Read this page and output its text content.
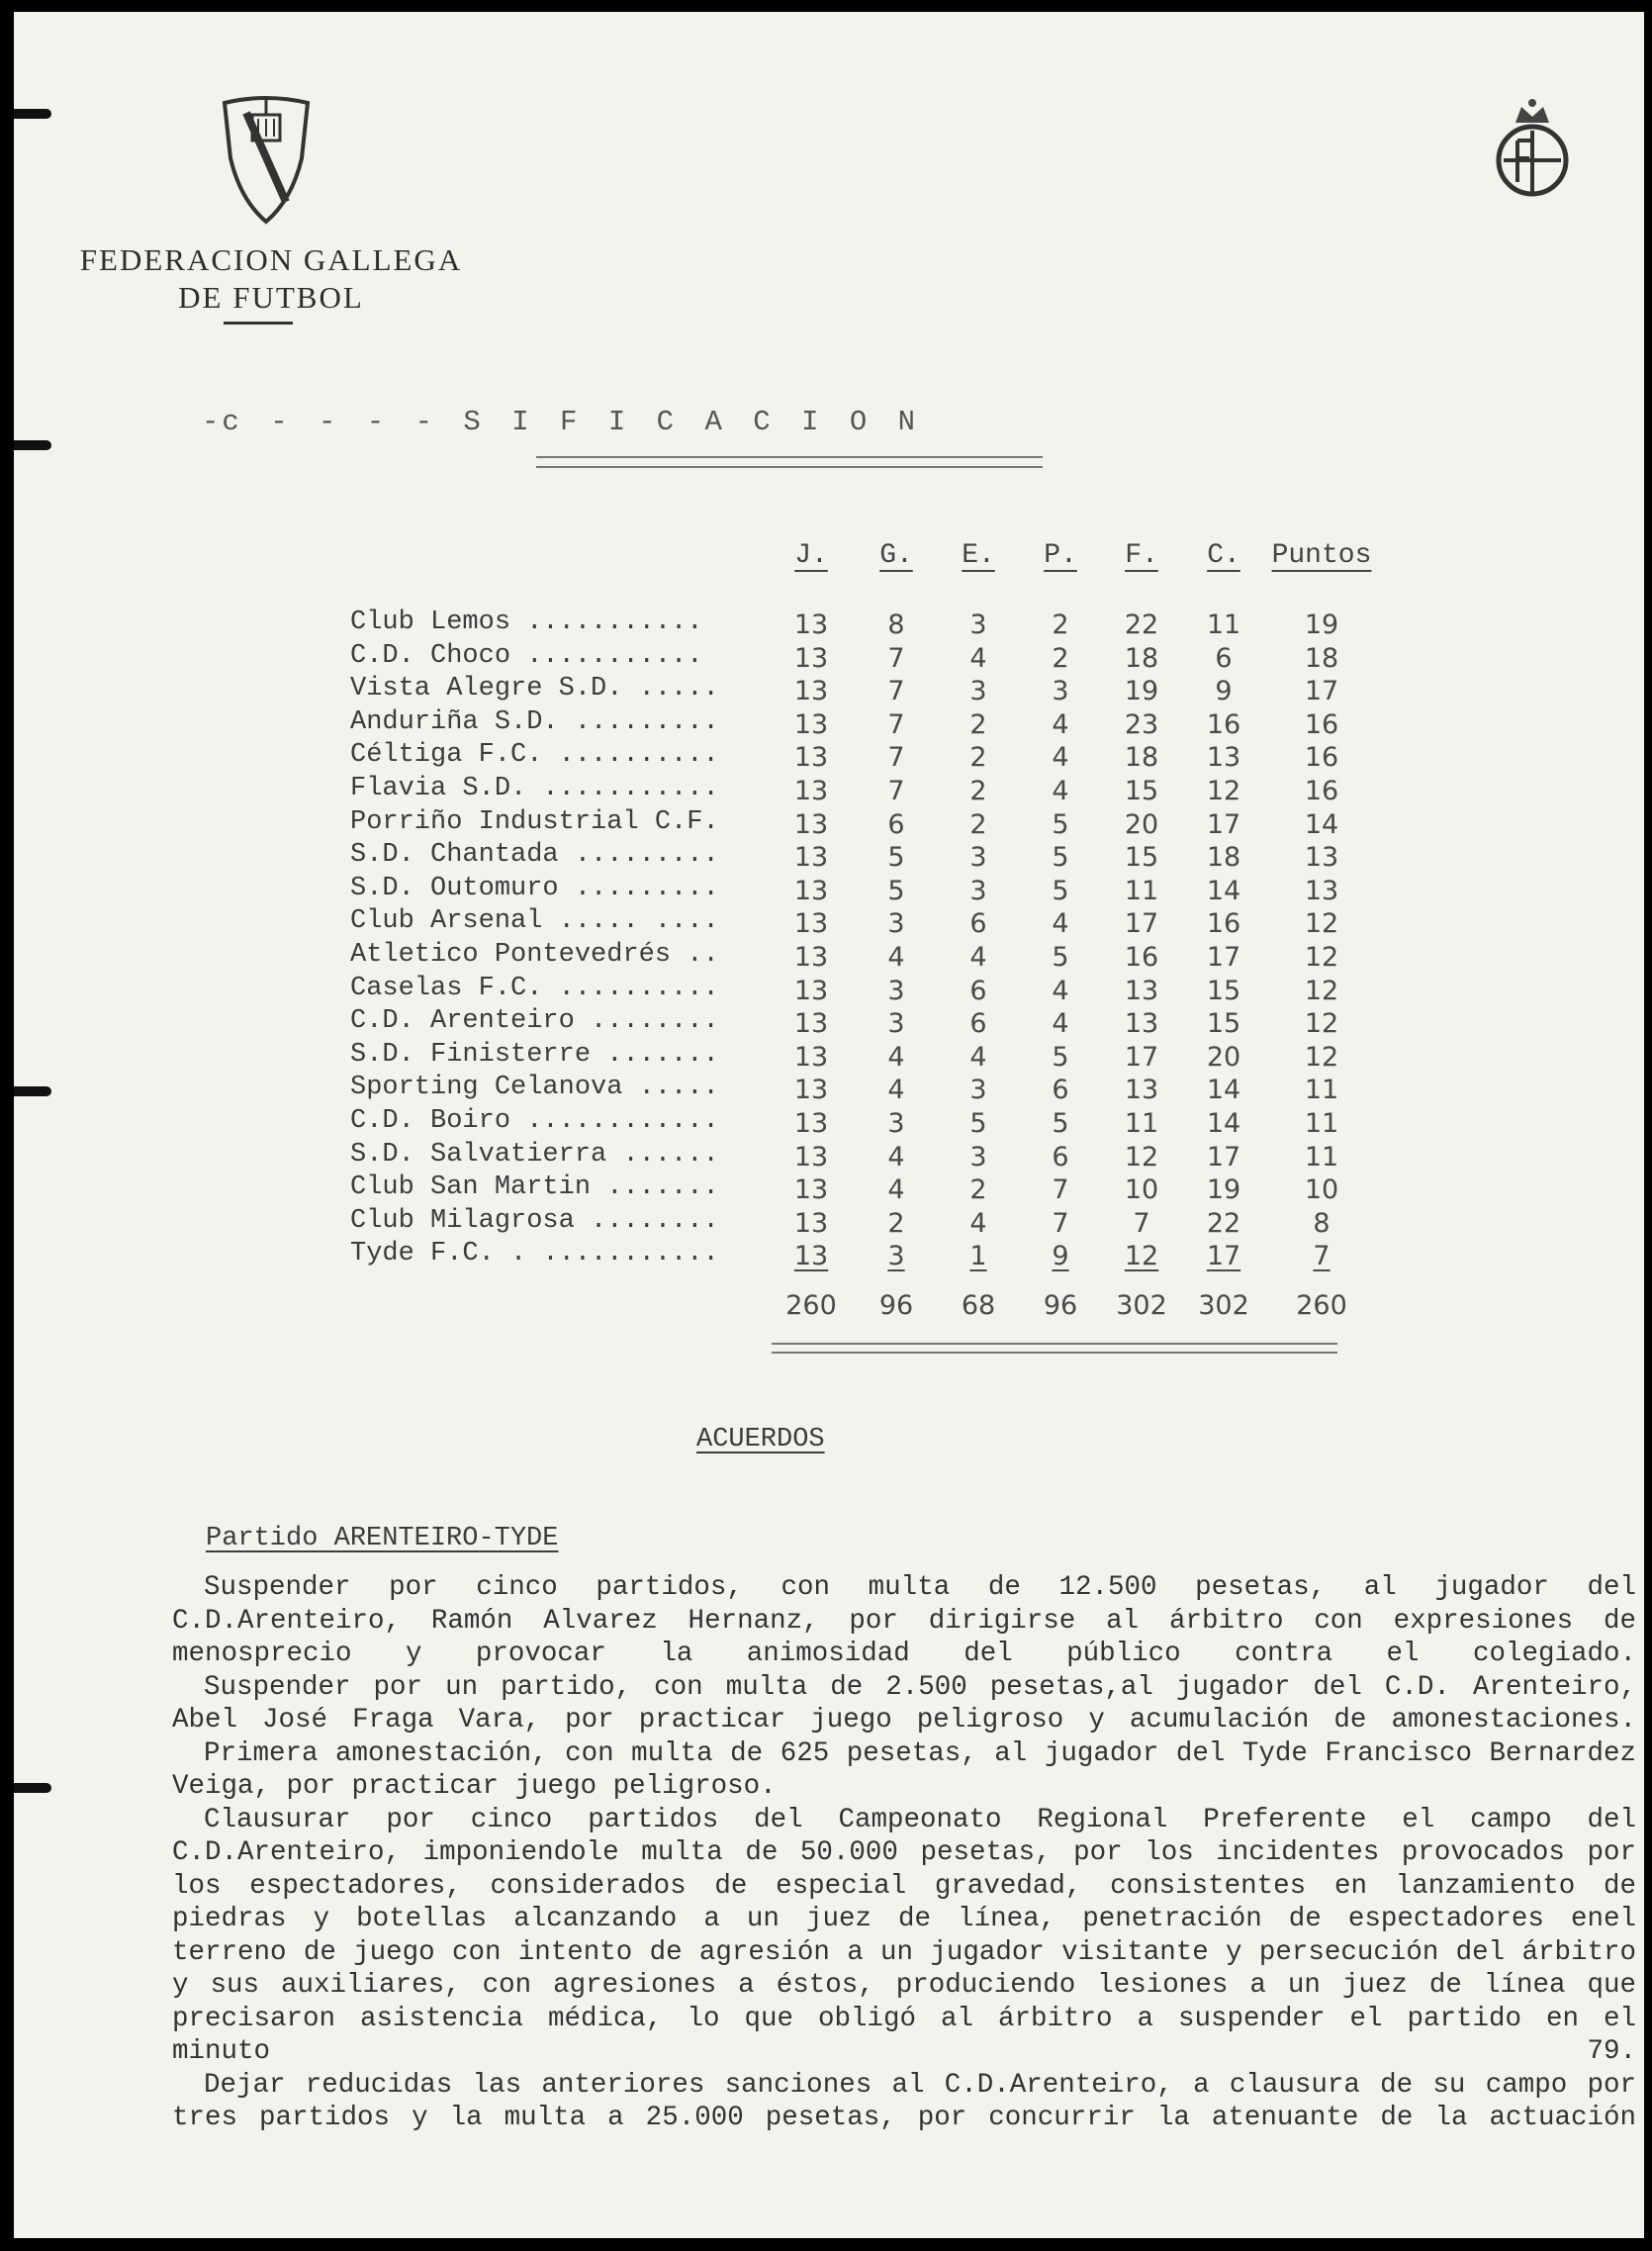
FEDERACION GALLEGA
DE FUTBOL
-c - - - - S I F I C A C I O N
J.	G.	E.	P.	F.	C.	Puntos
Club Lemos ...........	13	8	3	2	22	11	19
C.D. Choco ...........	13	7	4	2	18	6	18
Vista Alegre S.D. .....	13	7	3	3	19	9	17
Anduriña S.D. .........	13	7	2	4	23	16	16
Céltiga F.C. ..........	13	7	2	4	18	13	16
Flavia S.D. ...........	13	7	2	4	15	12	16
Porriño Industrial C.F.	13	6	2	5	20	17	14
S.D. Chantada .........	13	5	3	5	15	18	13
S.D. Outomuro .........	13	5	3	5	11	14	13
Club Arsenal ..... ....	13	3	6	4	17	16	12
Atletico Pontevedrés ..	13	4	4	5	16	17	12
Caselas F.C. ..........	13	3	6	4	13	15	12
C.D. Arenteiro ........	13	3	6	4	13	15	12
S.D. Finisterre .......	13	4	4	5	17	20	12
Sporting Celanova .....	13	4	3	6	13	14	11
C.D. Boiro ............	13	3	5	5	11	14	11
S.D. Salvatierra ......	13	4	3	6	12	17	11
Club San Martin .......	13	4	2	7	10	19	10
Club Milagrosa ........	13	2	4	7	7	22	8
Tyde F.C. . ...........	13	3	1	9	12	17	7
260	96	68	96	302	302	260
ACUERDOS
Partido ARENTEIRO-TYDE

Suspender por cinco partidos, con multa de 12.500 pesetas, al jugador del C.D.Arenteiro, Ramón Alvarez Hernanz, por dirigirse al árbitro con expresiones de menosprecio y provocar la animosidad del público contra el colegiado.

Suspender por un partido, con multa de 2.500 pesetas,al jugador del C.D. Arenteiro, Abel José Fraga Vara, por practicar juego peligroso y acumulación de amonestaciones.

Primera amonestación, con multa de 625 pesetas, al jugador del Tyde Francisco Bernardez Veiga, por practicar juego peligroso.

Clausurar por cinco partidos del Campeonato Regional Preferente el campo del C.D.Arenteiro, imponiendole multa de 50.000 pesetas, por los incidentes provocados por los espectadores, considerados de especial gravedad, consistentes en lanzamiento de piedras y botellas alcanzando a un juez de línea, penetración de espectadores enel terreno de juego con intento de agresión a un jugador visitante y persecución del árbitro y sus auxiliares, con agresiones a éstos, produciendo lesiones a un juez de línea que precisaron asistencia médica, lo que obligó al árbitro a suspender el partido en el minuto 79.

Dejar reducidas las anteriores sanciones al C.D.Arenteiro, a clausura de su campo por tres partidos y la multa a 25.000 pesetas, por concurrir la atenuante de la actuación
